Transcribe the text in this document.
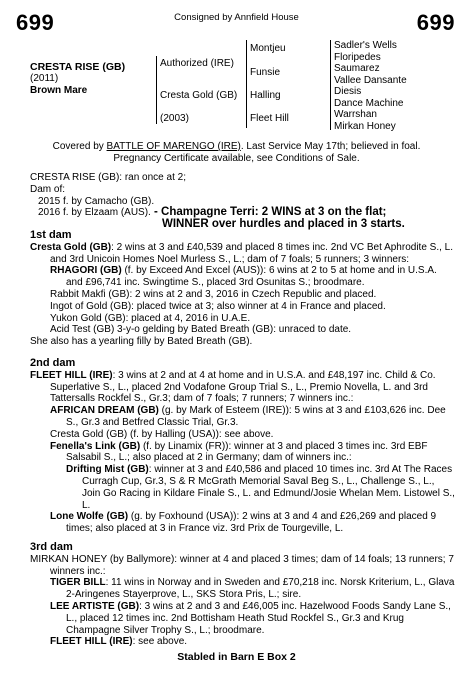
699	Consigned by Annfield House	699
CRESTA RISE (GB)
(2011)
Brown Mare
Authorized (IRE)
Cresta Gold (GB)
(2003)
Montjeu
Funsie
Halling
Fleet Hill
Sadler's Wells
Floripedes
Saumarez
Vallee Dansante
Diesis
Dance Machine
Warrshan
Mirkan Honey

Covered by BATTLE OF MARENGO (IRE). Last Service May 17th; believed in foal.

Pregnancy Certificate available, see Conditions of Sale.

CRESTA RISE (GB): ran once at 2;

Dam of:

2015 f. by Camacho (GB).

2016 f. by Elzaam (AUS). - Champagne Terri: 2 WINS at 3 on the flat;

WINNER over hurdles and placed in 3 starts.

1st dam

Cresta Gold (GB): 2 wins at 3 and £40,539 and placed 8 times inc. 2nd VC Bet Aphrodite S., L. and 3rd Unicoin Homes Noel Murless S., L.; dam of 7 foals; 5 runners; 3 winners:

RHAGORI (GB) (f. by Exceed And Excel (AUS)): 6 wins at 2 to 5 at home and in U.S.A. and £96,741 inc. Swingtime S., placed 3rd Osunitas S.; broodmare.

Rabbit Makfi (GB): 2 wins at 2 and 3, 2016 in Czech Republic and placed.

Ingot of Gold (GB): placed twice at 3; also winner at 4 in France and placed.

Yukon Gold (GB): placed at 4, 2016 in U.A.E.

Acid Test (GB) 3-y-o gelding by Bated Breath (GB): unraced to date.

She also has a yearling filly by Bated Breath (GB).

2nd dam

FLEET HILL (IRE): 3 wins at 2 and at 4 at home and in U.S.A. and £48,197 inc. Child & Co. Superlative S., L., placed 2nd Vodafone Group Trial S., L., Premio Novella, L. and 3rd Tattersalls Rockfel S., Gr.3; dam of 7 foals; 7 runners; 7 winners inc.:

AFRICAN DREAM (GB) (g. by Mark of Esteem (IRE)): 5 wins at 3 and £103,626 inc. Dee S., Gr.3 and Betfred Classic Trial, Gr.3.

Cresta Gold (GB) (f. by Halling (USA)): see above.

Fenella's Link (GB) (f. by Linamix (FR)): winner at 3 and placed 3 times inc. 3rd EBF Salsabil S., L.; also placed at 2 in Germany; dam of winners inc.:

Drifting Mist (GB): winner at 3 and £40,586 and placed 10 times inc. 3rd At The Races Curragh Cup, Gr.3, S & R McGrath Memorial Saval Beg S., L., Challenge S., L., Join Go Racing in Kildare Finale S., L. and Edmund/Josie Whelan Mem. Listowel S., L.

Lone Wolfe (GB) (g. by Foxhound (USA)): 2 wins at 3 and 4 and £26,269 and placed 9 times; also placed at 3 in France viz. 3rd Prix de Tourgeville, L.

3rd dam

MIRKAN HONEY (by Ballymore): winner at 4 and placed 3 times; dam of 14 foals; 13 runners; 7 winners inc.:

TIGER BILL: 11 wins in Norway and in Sweden and £70,218 inc. Norsk Kriterium, L., Glava 2-Aringenes Stayerprove, L., SKS Stora Pris, L.; sire.

LEE ARTISTE (GB): 3 wins at 2 and 3 and £46,005 inc. Hazelwood Foods Sandy Lane S., L., placed 12 times inc. 2nd Bottisham Heath Stud Rockfel S., Gr.3 and Krug Champagne Silver Trophy S., L.; broodmare.

FLEET HILL (IRE): see above.

Stabled in Barn E Box 2
